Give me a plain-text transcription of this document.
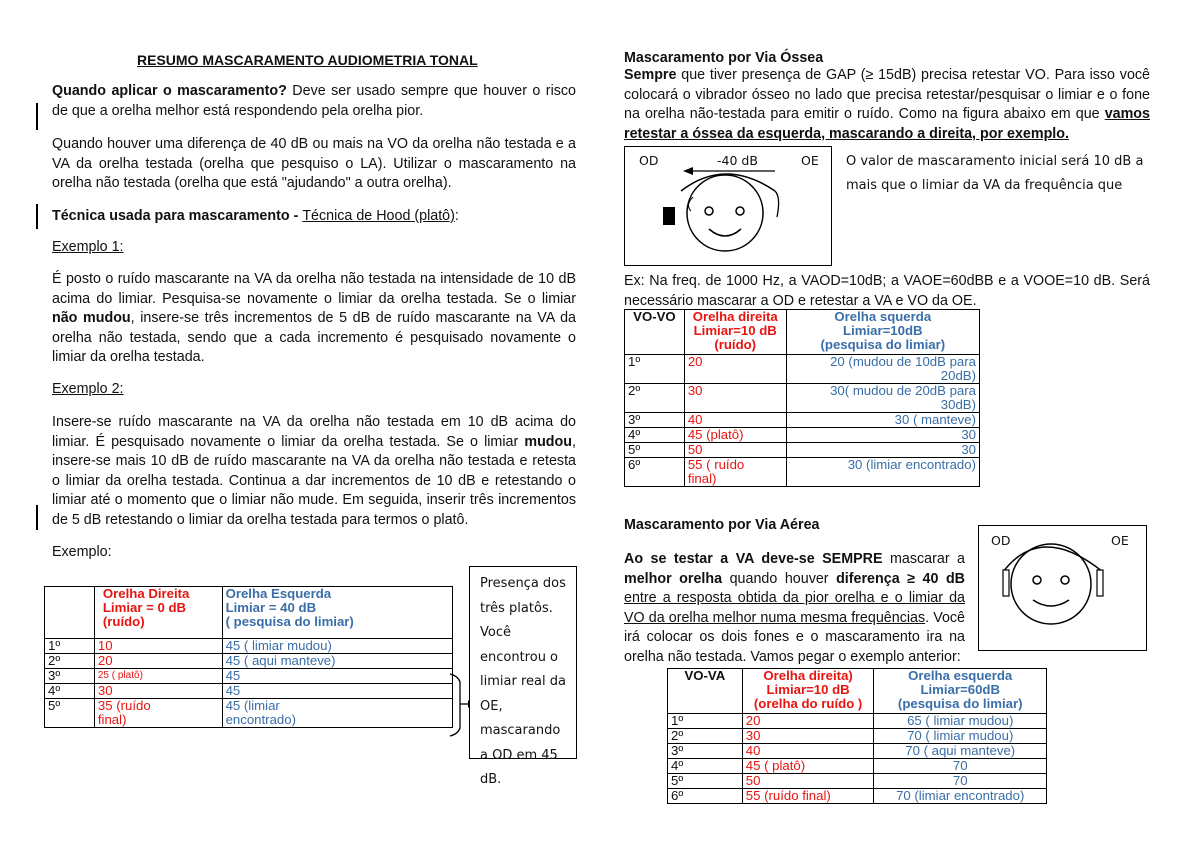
RESUMO MASCARAMENTO AUDIOMETRIA TONAL

Quando aplicar o mascaramento? Deve ser usado sempre que houver o risco de que a orelha melhor está respondendo pela orelha pior.

Quando houver uma diferença de 40 dB ou mais na VO da orelha não testada e a VA da orelha testada (orelha que pesquiso o LA). Utilizar o mascaramento na orelha não testada (orelha que está "ajudando" a outra orelha).

Técnica usada para mascaramento - Técnica de Hood (platô):

Exemplo 1:

É posto o ruído mascarante na VA da orelha não testada na intensidade de 10 dB acima do limiar. Pesquisa-se novamente o limiar da orelha testada. Se o limiar não mudou, insere-se três incrementos de 5 dB de ruído mascarante na VA da orelha não testada, sendo que a cada incremento é pesquisado novamente o limiar da orelha testada.

Exemplo 2:

Insere-se ruído mascarante na VA da orelha não testada em 10 dB acima do limiar. É pesquisado novamente o limiar da orelha testada. Se o limiar mudou, insere-se mais 10 dB de ruído mascarante na VA da orelha não testada e retesta o limiar da orelha testada. Continua a dar incrementos de 10 dB e retestando o limiar até o momento que o limiar não mude. Em seguida, inserir três incrementos de 5 dB retestando o limiar da orelha testada para termos o platô.

Exemplo:

	Orelha Direita
Limiar = 0 dB
(ruído)	Orelha Esquerda
Limiar = 40 dB
( pesquisa do limiar)
1º	10	45 ( limiar mudou)
2º	20	45 ( aqui manteve)
3º	25 ( platô)	45
4º	30	45
5º	35 (ruído
final)	45 (limiar
encontrado)
Presença dos três platôs. Você encontrou o limiar real da OE, mascarando a OD em 45 dB.
Mascaramento por Via Óssea

Sempre que tiver presença de GAP (≥ 15dB) precisa retestar VO. Para isso você colocará o vibrador ósseo no lado que precisa retestar/pesquisar o limiar e o fone na orelha não-testada para emitir o ruído. Como na figura abaixo em que vamos retestar a óssea da esquerda, mascarando a direita, por exemplo.

OD	OE
-40 dB	O valor de mascaramento inicial será 10 dB a mais que o limiar da VA da frequência que

Ex: Na freq. de 1000 Hz, a VAOD=10dB; a VAOE=60dBB e a VOOE=10 dB. Será necessário mascarar a OD e retestar a VA e VO da OE.

VO-VO	Orelha direita
Limiar=10 dB
(ruído)	Orelha squerda
Limiar=10dB
(pesquisa do limiar)
1º	20	20 (mudou de 10dB para
20dB)
2º	30	30( mudou de 20dB para
30dB)
3º	40	30 ( manteve)
4º	45 (platô)	30
5º	50	30
6º	55 ( ruído
final)	30 (limiar encontrado)
Mascaramento por Via Aérea

Ao se testar a VA deve-se SEMPRE mascarar a melhor orelha quando houver diferença ≥ 40 dB entre a resposta obtida da pior orelha e o limiar da VO da orelha melhor numa mesma frequências. Você irá colocar os dois fones e o mascaramento ira na orelha não testada. Vamos pegar o exemplo anterior:

OD	OE
VO-VA	Orelha direita)
Limiar=10 dB
(orelha do ruído )	Orelha esquerda
Limiar=60dB
(pesquisa do limiar)
1º	20	65 ( limiar mudou)
2º	30	70 ( limiar mudou)
3º	40	70 ( aqui manteve)
4º	45 ( platô)	70
5º	50	70
6º	55 (ruído final)	70 (limiar encontrado)
